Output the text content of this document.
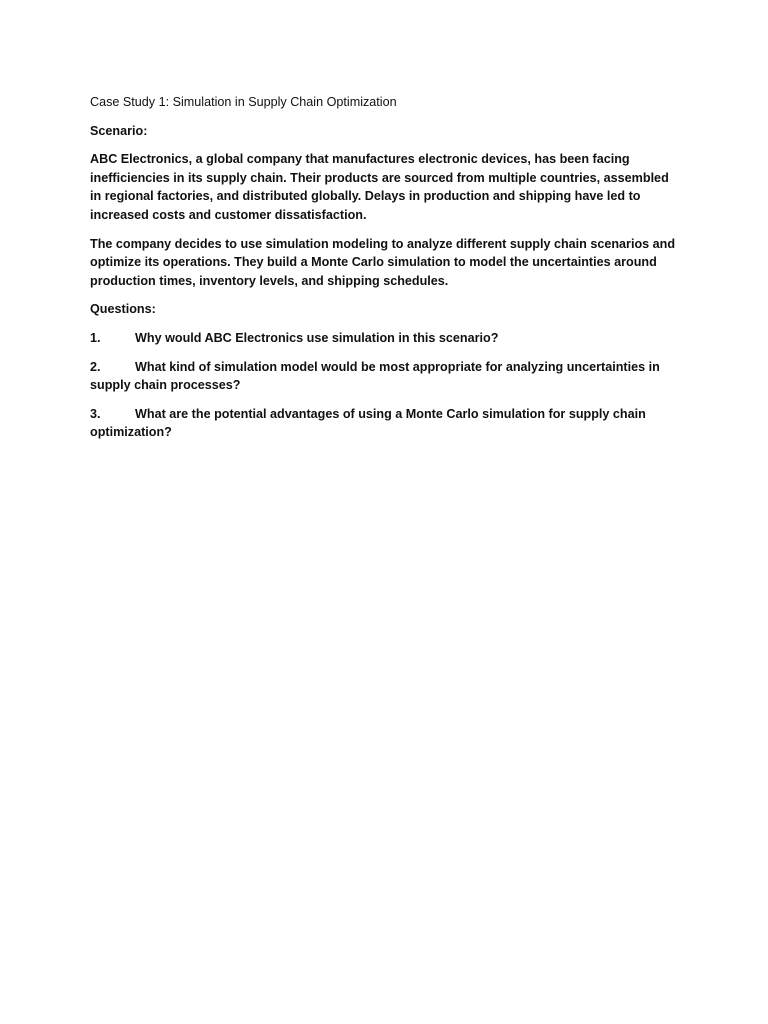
Case Study 1: Simulation in Supply Chain Optimization

Scenario:

ABC Electronics, a global company that manufactures electronic devices, has been facing inefficiencies in its supply chain. Their products are sourced from multiple countries, assembled in regional factories, and distributed globally. Delays in production and shipping have led to increased costs and customer dissatisfaction.

The company decides to use simulation modeling to analyze different supply chain scenarios and optimize its operations. They build a Monte Carlo simulation to model the uncertainties around production times, inventory levels, and shipping schedules.

Questions:

1.	Why would ABC Electronics use simulation in this scenario?

2.	What kind of simulation model would be most appropriate for analyzing uncertainties in supply chain processes?

3.	What are the potential advantages of using a Monte Carlo simulation for supply chain optimization?
